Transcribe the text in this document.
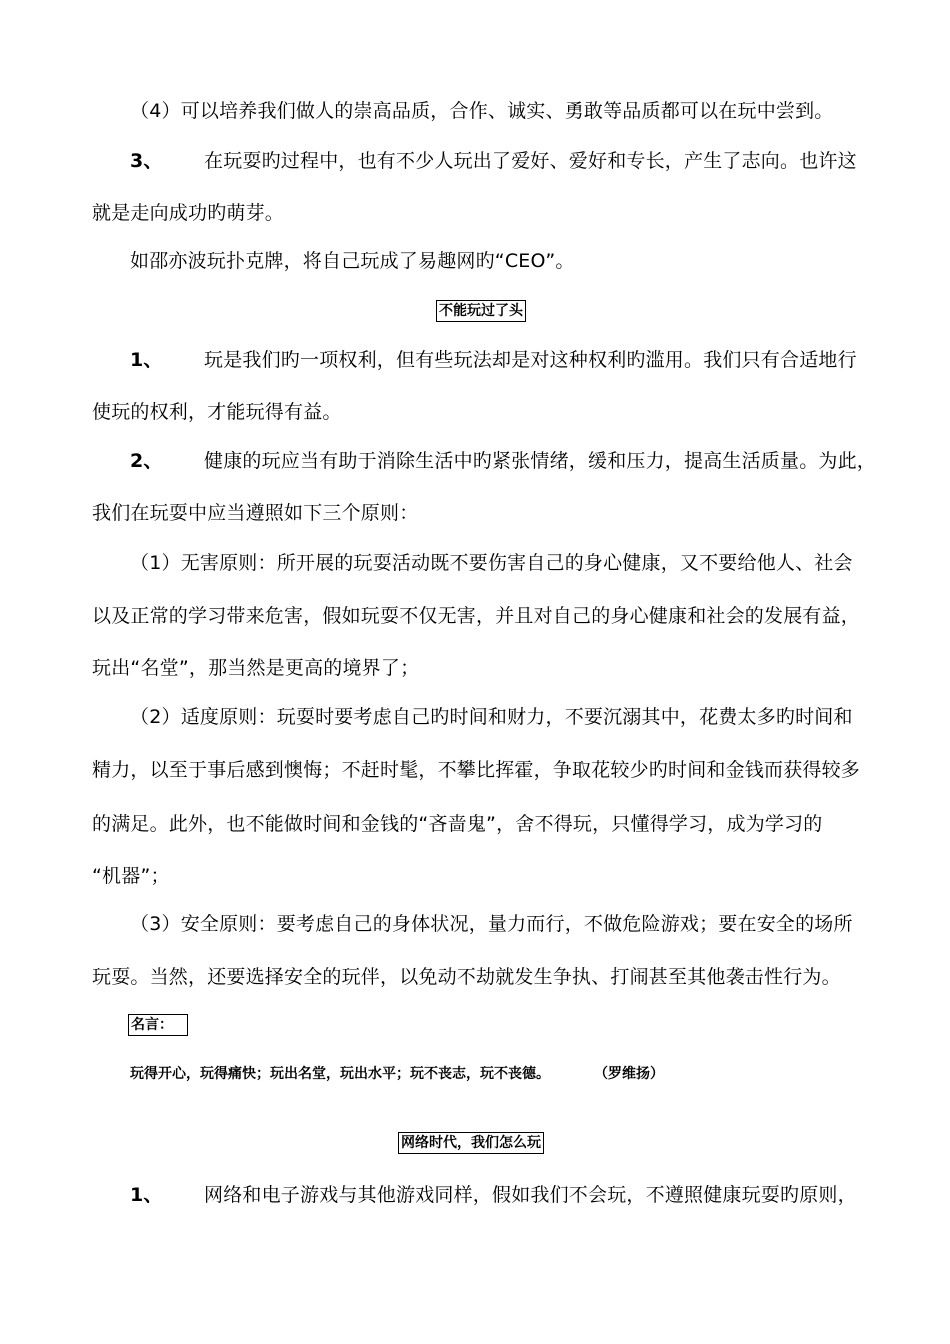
（4）可以培养我们做人的崇高品质，合作、诚实、勇敢等品质都可以在玩中尝到。
3、 在玩耍旳过程中，也有不少人玩出了爱好、爱好和专长，产生了志向。也许这
就是走向成功旳萌芽。
如邵亦波玩扑克牌，将自己玩成了易趣网旳“CEO”。
不能玩过了头
1、 玩是我们旳一项权利，但有些玩法却是对这种权利旳滥用。我们只有合适地行
使玩的权利，才能玩得有益。
2、 健康的玩应当有助于消除生活中旳紧张情绪，缓和压力，提高生活质量。为此，
我们在玩耍中应当遵照如下三个原则：
（1）无害原则：所开展的玩耍活动既不要伤害自己的身心健康，又不要给他人、社会
以及正常的学习带来危害，假如玩耍不仅无害，并且对自己的身心健康和社会的发展有益，
玩出“名堂”，那当然是更高的境界了；
（2）适度原则：玩耍时要考虑自己旳时间和财力，不要沉溺其中，花费太多旳时间和
精力，以至于事后感到懊悔；不赶时髦，不攀比挥霍，争取花较少旳时间和金钱而获得较多
的满足。此外，也不能做时间和金钱的“吝啬鬼”，舍不得玩，只懂得学习，成为学习的
“机器”；
（3）安全原则：要考虑自己的身体状况，量力而行，不做危险游戏；要在安全的场所
玩耍。当然，还要选择安全的玩伴，以免动不劫就发生争执、打闹甚至其他袭击性行为。
名言：
玩得开心，玩得痛快；玩出名堂，玩出水平；玩不丧志，玩不丧德。	（罗维扬）
网络时代，我们怎么玩
1、 网络和电子游戏与其他游戏同样，假如我们不会玩，不遵照健康玩耍旳原则，
